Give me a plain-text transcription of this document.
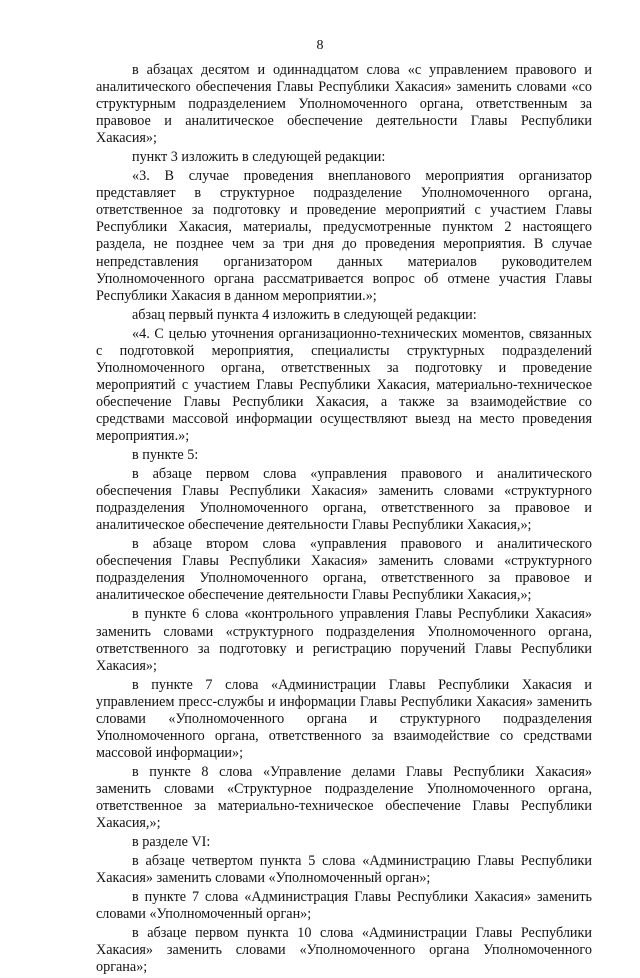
8

в абзацах десятом и одиннадцатом слова «с управлением правового и аналитического обеспечения Главы Республики Хакасия» заменить словами «со структурным подразделением Уполномоченного органа, ответственным за правовое и аналитическое обеспечение деятельности Главы Республики Хакасия»;

пункт 3 изложить в следующей редакции:

«3. В случае проведения внепланового мероприятия организатор представляет в структурное подразделение Уполномоченного органа, ответственное за подготовку и проведение мероприятий с участием Главы Республики Хакасия, материалы, предусмотренные пунктом 2 настоящего раздела, не позднее чем за три дня до проведения мероприятия. В случае непредставления организатором данных материалов руководителем Уполномоченного органа рассматривается вопрос об отмене участия Главы Республики Хакасия в данном мероприятии.»;

абзац первый пункта 4 изложить в следующей редакции:

«4. С целью уточнения организационно-технических моментов, связанных с подготовкой мероприятия, специалисты структурных подразделений Уполномоченного органа, ответственных за подготовку и проведение мероприятий с участием Главы Республики Хакасия, материально-техническое обеспечение Главы Республики Хакасия, а также за взаимодействие со средствами массовой информации осуществляют выезд на место проведения мероприятия.»;

в пункте 5:

в абзаце первом слова «управления правового и аналитического обеспечения Главы Республики Хакасия» заменить словами «структурного подразделения Уполномоченного органа, ответственного за правовое и аналитическое обеспечение деятельности Главы Республики Хакасия,»;

в абзаце втором слова «управления правового и аналитического обеспечения Главы Республики Хакасия» заменить словами «структурного подразделения Уполномоченного органа, ответственного за правовое и аналитическое обеспечение деятельности Главы Республики Хакасия,»;

в пункте 6 слова «контрольного управления Главы Республики Хакасия» заменить словами «структурного подразделения Уполномоченного органа, ответственного за подготовку и регистрацию поручений Главы Республики Хакасия»;

в пункте 7 слова «Администрации Главы Республики Хакасия и управлением пресс-службы и информации Главы Республики Хакасия» заменить словами «Уполномоченного органа и структурного подразделения Уполномоченного органа, ответственного за взаимодействие со средствами массовой информации»;

в пункте 8 слова «Управление делами Главы Республики Хакасия» заменить словами «Структурное подразделение Уполномоченного органа, ответственное за материально-техническое обеспечение Главы Республики Хакасия,»;

в разделе VI:

в абзаце четвертом пункта 5 слова «Администрацию Главы Республики Хакасия» заменить словами «Уполномоченный орган»;

в пункте 7 слова «Администрация Главы Республики Хакасия» заменить словами «Уполномоченный орган»;

в абзаце первом пункта 10 слова «Администрации Главы Республики Хакасия» заменить словами «Уполномоченного органа Уполномоченного органа»;
